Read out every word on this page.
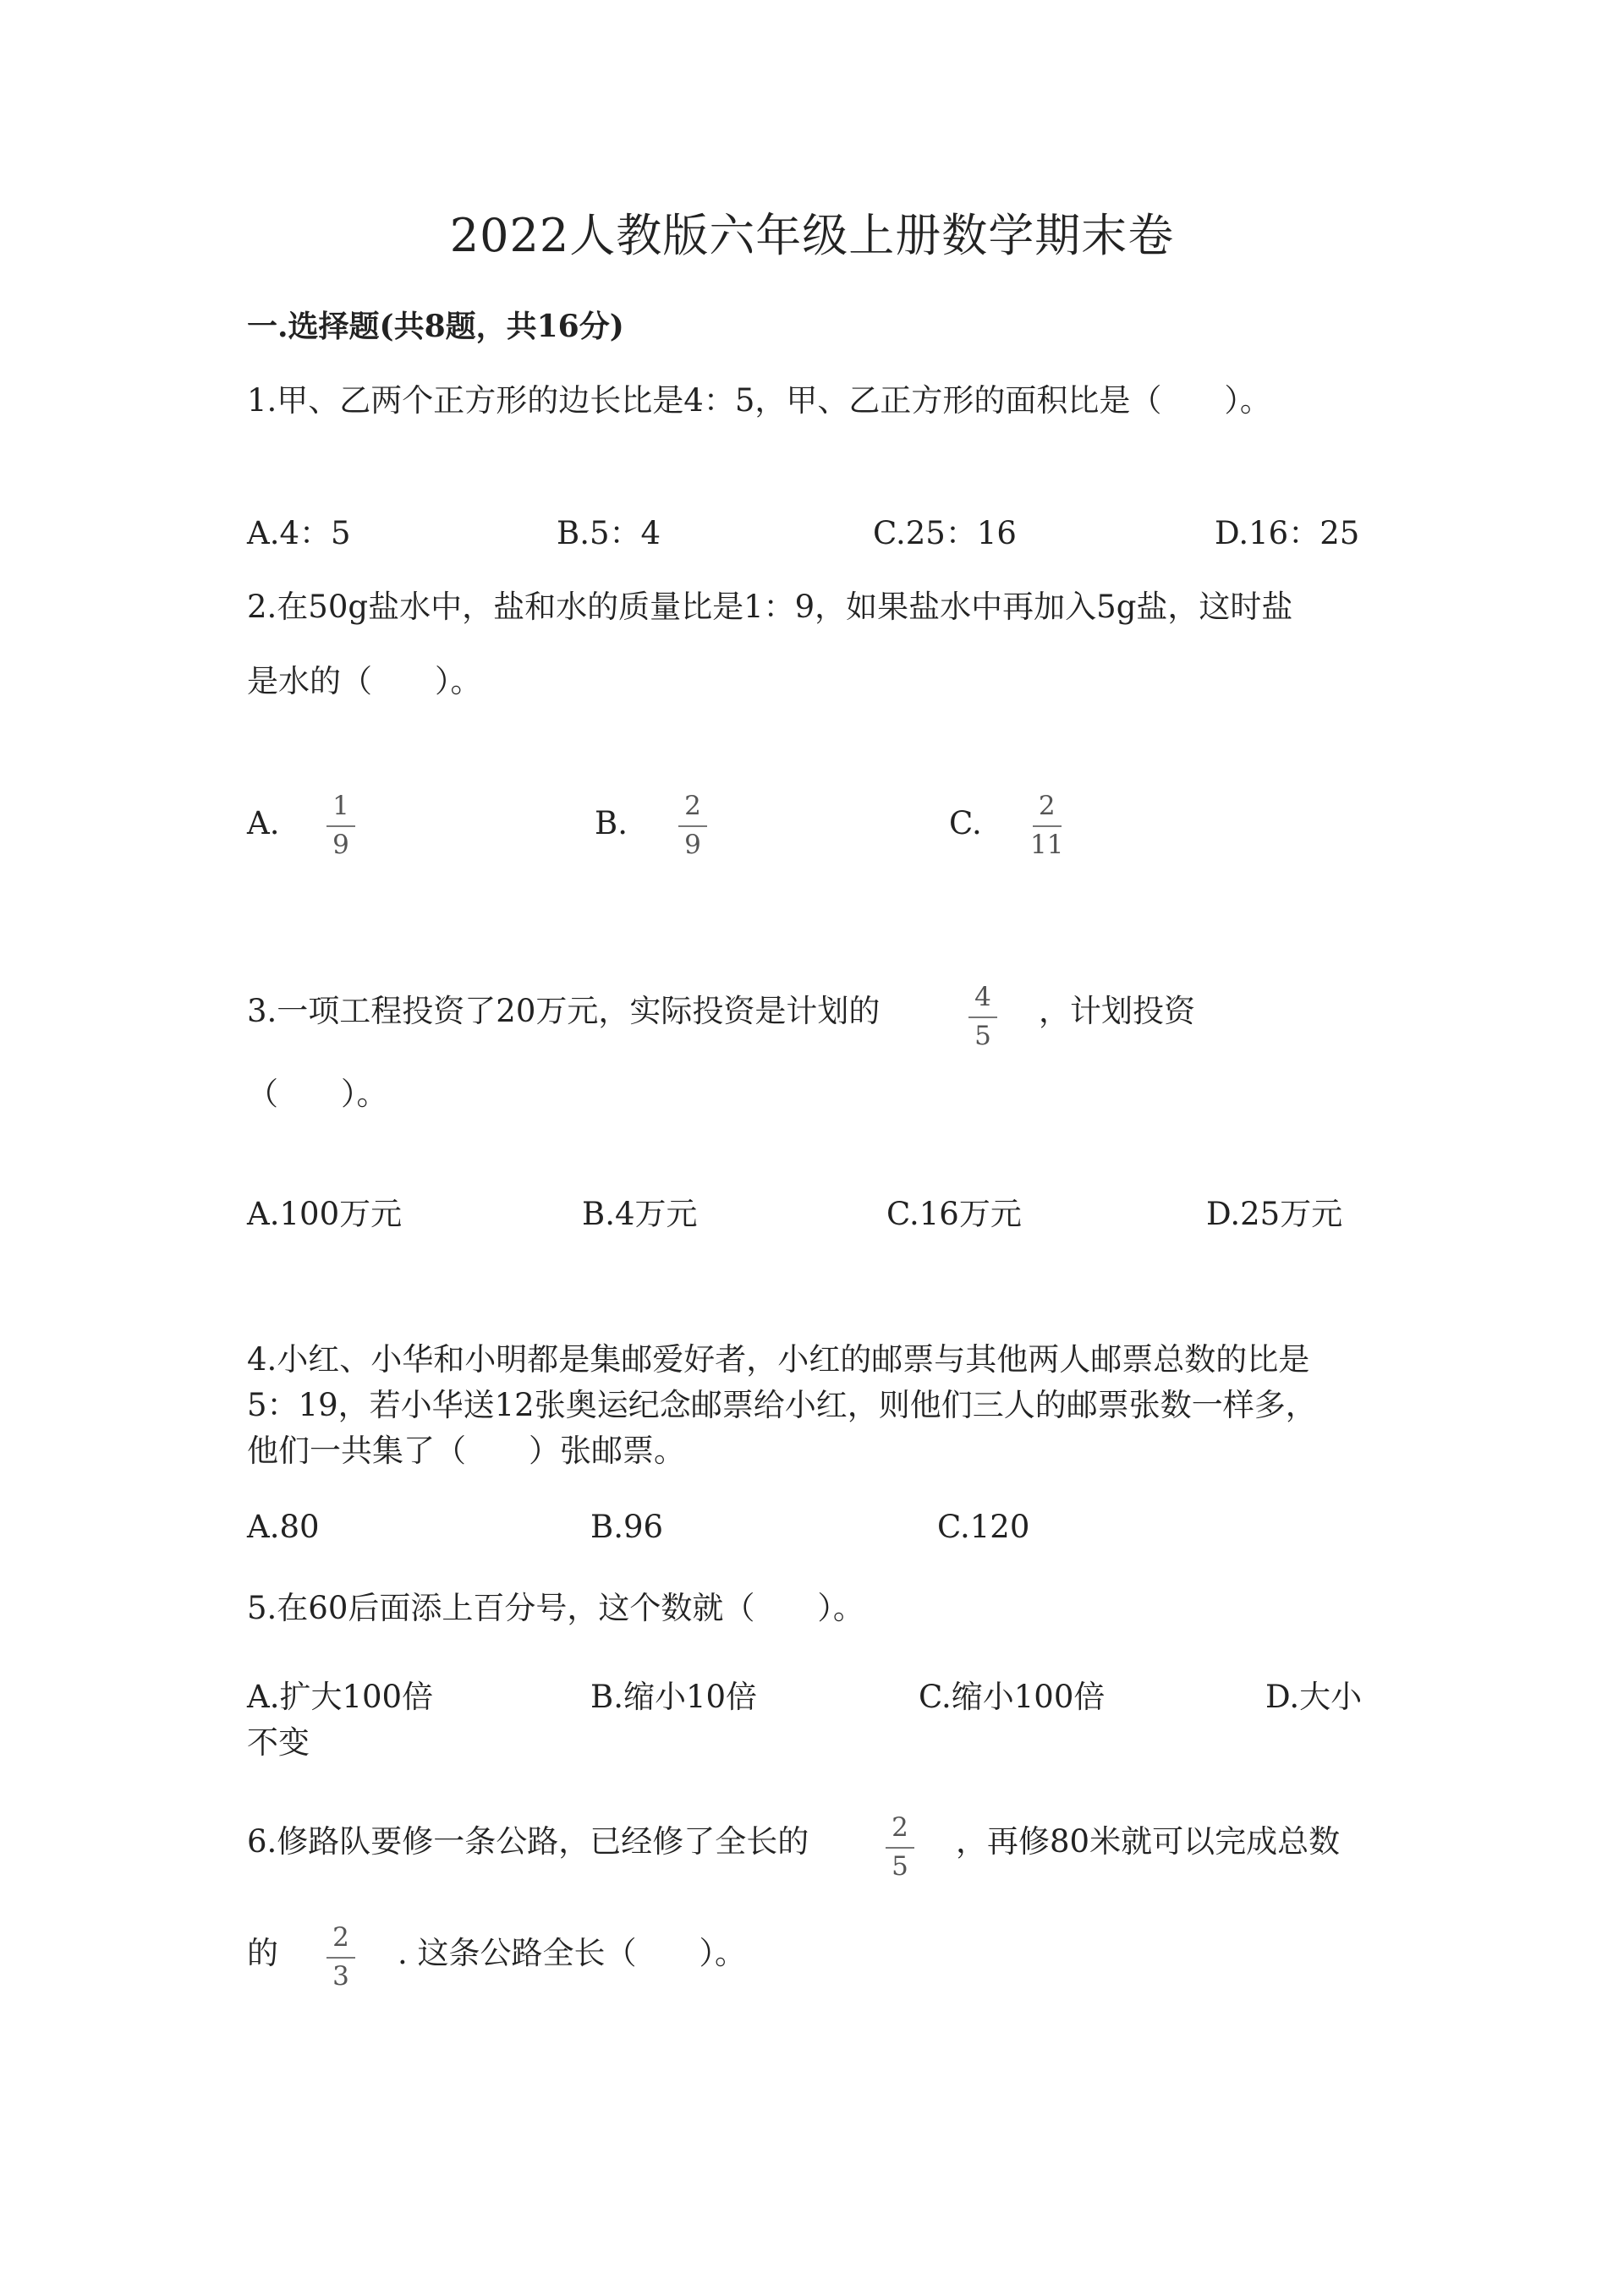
2022人教版六年级上册数学期末卷
一.选择题(共8题，共16分)
1.甲、乙两个正方形的边长比是4：5，甲、乙正方形的面积比是（　　）。
A.4：5	B.5：4	C.25：16	D.16：25
2.在50g盐水中，盐和水的质量比是1：9，如果盐水中再加入5g盐，这时盐
是水的（　　）。
A. 1
9
B. 2
9
C. 2
11
3.一项工程投资了20万元，实际投资是计划的	4
5
，计划投资
（　　）。
A.100万元	B.4万元	C.16万元	D.25万元
4.小红、小华和小明都是集邮爱好者，小红的邮票与其他两人邮票总数的比是
5：19，若小华送12张奥运纪念邮票给小红，则他们三人的邮票张数一样多，
他们一共集了（　　）张邮票。
A.80	B.96	C.120
5.在60后面添上百分号，这个数就（　　）。
A.扩大100倍	B.缩小10倍	C.缩小100倍	D.大小
不变
6.修路队要修一条公路，已经修了全长的	2
5
，再修80米就可以完成总数
的 2
3
. 这条公路全长（　　）。
